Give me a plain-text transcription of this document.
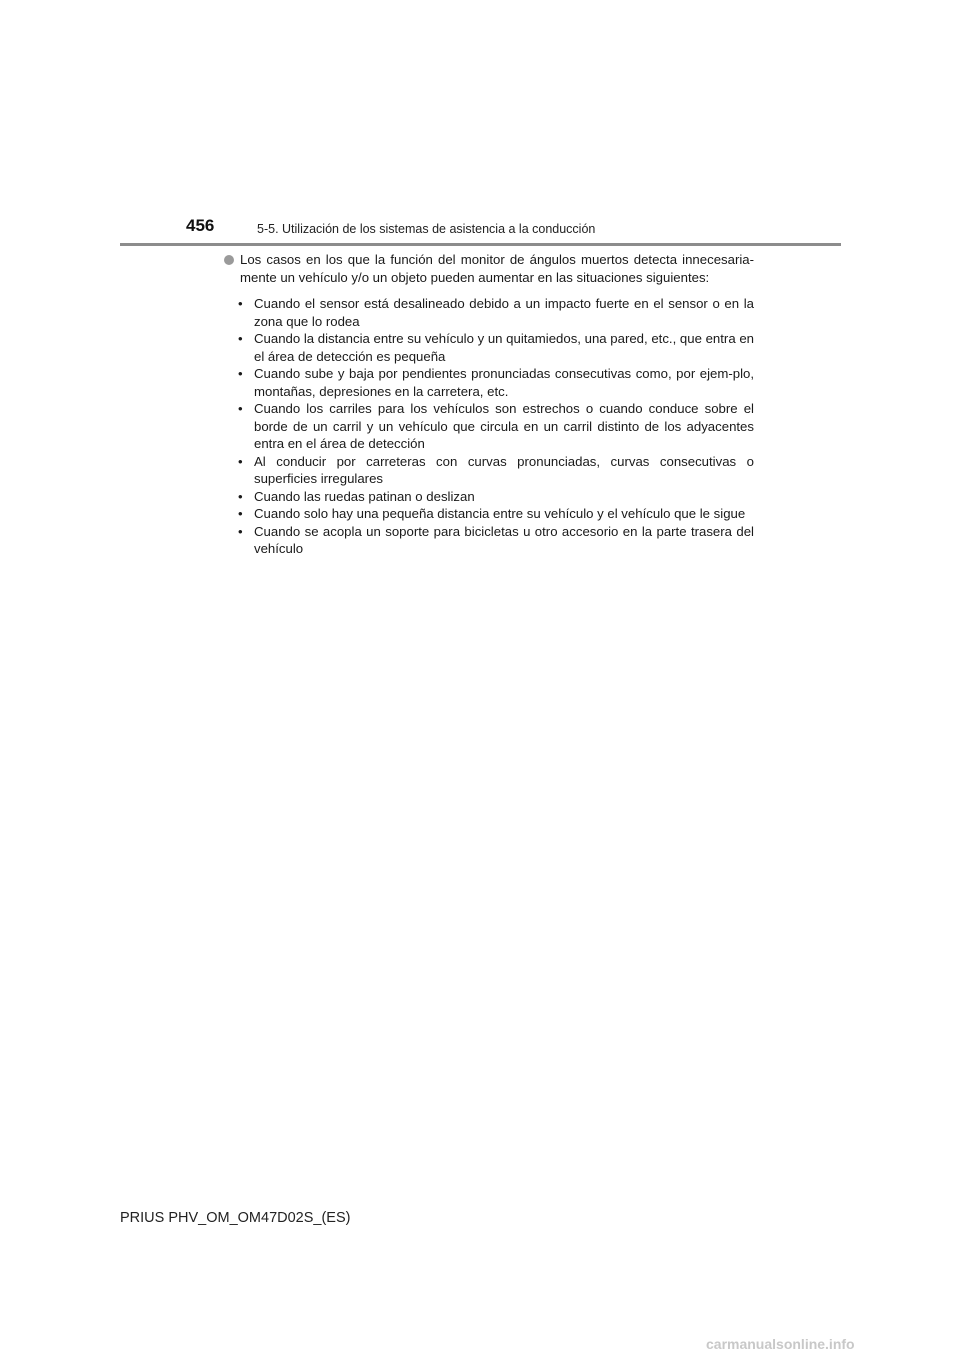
456	5-5. Utilización de los sistemas de asistencia a la conducción
Los casos en los que la función del monitor de ángulos muertos detecta innecesaria-mente un vehículo y/o un objeto pueden aumentar en las situaciones siguientes:
• Cuando el sensor está desalineado debido a un impacto fuerte en el sensor o en la zona que lo rodea
• Cuando la distancia entre su vehículo y un quitamiedos, una pared, etc., que entra en el área de detección es pequeña
• Cuando sube y baja por pendientes pronunciadas consecutivas como, por ejem-plo, montañas, depresiones en la carretera, etc.
• Cuando los carriles para los vehículos son estrechos o cuando conduce sobre el borde de un carril y un vehículo que circula en un carril distinto de los adyacentes entra en el área de detección
• Al conducir por carreteras con curvas pronunciadas, curvas consecutivas o superficies irregulares
• Cuando las ruedas patinan o deslizan
• Cuando solo hay una pequeña distancia entre su vehículo y el vehículo que le sigue
• Cuando se acopla un soporte para bicicletas u otro accesorio en la parte trasera del vehículo
PRIUS PHV_OM_OM47D02S_(ES)
carmanualsonline.info
